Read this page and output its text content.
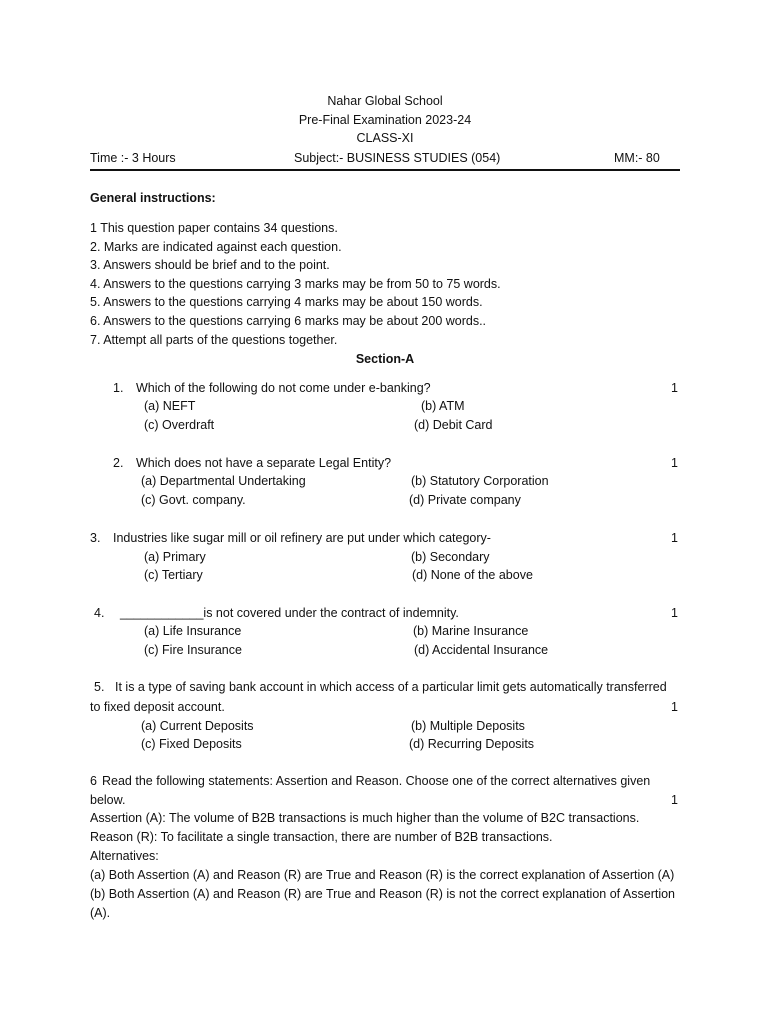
Nahar Global School
Pre-Final Examination 2023-24
CLASS-XI
Time :- 3 Hours	Subject:- BUSINESS STUDIES (054)	MM:- 80
General instructions:
1 This question paper contains 34 questions.
2. Marks are indicated against each question.
3. Answers should be brief and to the point.
4. Answers to the questions carrying 3 marks may be from 50 to 75 words.
5. Answers to the questions carrying 4 marks may be about 150 words.
6. Answers to the questions carrying 6 marks may be about 200 words..
7. Attempt all parts of the questions together.
Section-A
1. Which of the following do not come under e-banking?	1
(a) NEFT	(b) ATM
(c) Overdraft	(d) Debit Card
2. Which does not have a separate Legal Entity?	1
(a) Departmental Undertaking	(b) Statutory Corporation
(c) Govt. company.	(d) Private company
3. Industries like sugar mill or oil refinery are put under which category-	1
(a) Primary	(b) Secondary
(c) Tertiary	(d) None of the above
4. ____________is not covered under the contract of indemnity.	1
(a) Life Insurance	(b) Marine Insurance
(c) Fire Insurance	(d) Accidental Insurance
5. It is a type of saving bank account in which access of a particular limit gets automatically transferred
to fixed deposit account.	1
(a) Current Deposits	(b) Multiple Deposits
(c) Fixed Deposits	(d) Recurring Deposits
6 Read the following statements: Assertion and Reason. Choose one of the correct alternatives given
below.	1
Assertion (A): The volume of B2B transactions is much higher than the volume of B2C transactions.
Reason (R): To facilitate a single transaction, there are number of B2B transactions.
Alternatives:
(a) Both Assertion (A) and Reason (R) are True and Reason (R) is the correct explanation of Assertion (A)
(b) Both Assertion (A) and Reason (R) are True and Reason (R) is not the correct explanation of Assertion
(A).
